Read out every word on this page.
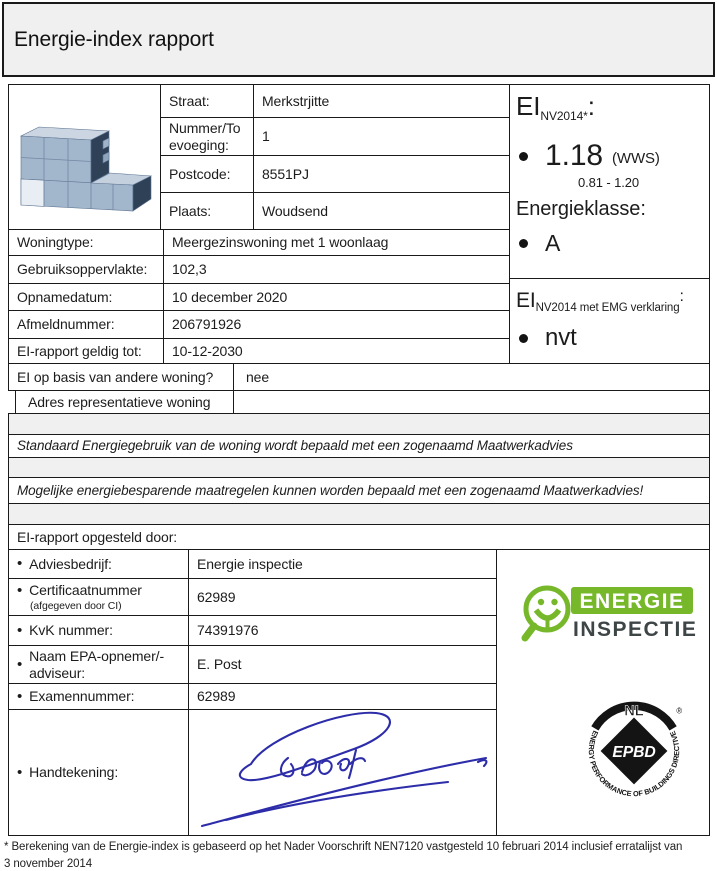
Energie-index rapport
Straat:	Merkstrjitte
Nummer/Toevoeging:
1
Postcode: 8551PJ
Plaats:	Woudsend
Woningtype:	Meergezinswoning met 1 woonlaag
Gebruiksoppervlakte: 102,3
Opnamedatum:	10 december 2020
Afmeldnummer:	206791926
EI-rapport geldig tot: 10-12-2030
EINV2014*:
1.18 (WWS)
0.81 - 1.20
Energieklasse:
A
$EI_{NV2014 met EMG verklaring}$:
nvt
EI op basis van andere woning? nee
Adres representatieve woning
Standaard Energiegebruik van de woning wordt bepaald met een zogenaamd Maatwerkadvies
Mogelijke energiebesparende maatregelen kunnen worden bepaald met een zogenaamd Maatwerkadvies!
EI-rapport opgesteld door:
• Adviesbedrijf:	Energie inspectie
• Certificaatnummer
(afgegeven door CI)
62989
• KvK nummer:	74391976
• Naam EPA-opnemer/-adviseur:
E. Post
• Examennummer:	62989
• Handtekening:
ENERGIE
INSPECTIE
ENERGY PERFORMANCE OF BUILDINGS DIRECTIVE
NL
EPBD
®
* Berekening van de Energie-index is gebaseerd op het Nader Voorschrift NEN7120 vastgesteld 10 februari 2014 inclusief erratalijst van 3 november 2014
